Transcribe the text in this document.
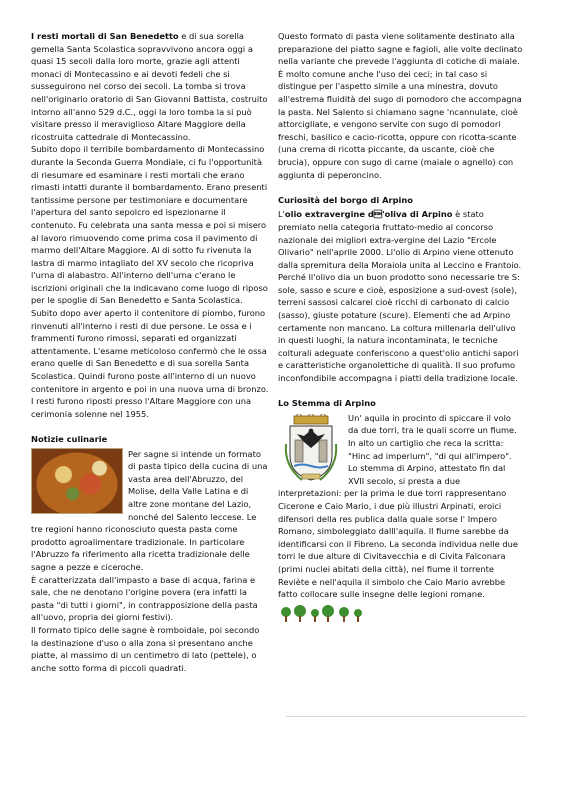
I resti mortali di San Benedetto e di sua sorella gemella Santa Scolastica sopravvivono ancora oggi a quasi 15 secoli dalla loro morte, grazie agli attenti monaci di Montecassino e ai devoti fedeli che si susseguirono nel corso dei secoli. La tomba si trova nell'originario oratorio di San Giovanni Battista, costruito intorno all'anno 529 d.C., oggi la loro tomba la si può visitare presso il meraviglioso Altare Maggiore della ricostruita cattedrale di Montecassino.

Subito dopo il terribile bombardamento di Montecassino durante la Seconda Guerra Mondiale, ci fu l'opportunità di riesumare ed esaminare i resti mortali che erano rimasti intatti durante il bombardamento. Erano presenti tantissime persone per testimoniare e documentare l'apertura del santo sepolcro ed ispezionarne il contenuto. Fu celebrata una santa messa e poi si misero al lavoro rimuovendo come prima cosa il pavimento di marmo dell'Altare Maggiore. Al di sotto fu rivenuta la lastra di marmo intagliato del XV secolo che ricopriva l'urna di alabastro. All'interno dell'urna c'erano le iscrizioni originali che la indicavano come luogo di riposo per le spoglie di San Benedetto e Santa Scolastica. Subito dopo aver aperto il contenitore di piombo, furono rinvenuti all'interno i resti di due persone. Le ossa e i frammenti furono rimossi, separati ed organizzati attentamente. L'esame meticoloso confermò che le ossa erano quelle di San Benedetto e di sua sorella Santa Scolastica. Quindi furono poste all'interno di un nuovo contenitore in argento e poi in una nuova urna di bronzo. I resti furono riposti presso l'Altare Maggiore con una cerimonia solenne nel 1955.

Notizie culinarie

Per sagne si intende un formato di pasta tipico della cucina di una vasta area dell'Abruzzo, del Molise, della Valle Latina e di altre zone montane del Lazio, nonché del Salento leccese. Le tre regioni hanno riconosciuto questa pasta come prodotto agroalimentare tradizionale. In particolare l'Abruzzo fa riferimento alla ricetta tradizionale delle sagne a pezze e ciceroche.

È caratterizzata dall'impasto a base di acqua, farina e sale, che ne denotano l'origine povera (era infatti la pasta "di tutti i giorni", in contrapposizione della pasta all'uovo, propria dei giorni festivi).

Il formato tipico delle sagne è romboidale, poi secondo la destinazione d'uso o alla zona si presentano anche piatte, al massimo di un centimetro di lato (pettele), o anche sotto forma di piccoli quadrati.

Questo formato di pasta viene solitamente destinato alla preparazione del piatto sagne e fagioli, alle volte declinato nella variante che prevede l'aggiunta di cotiche di maiale. È molto comune anche l'uso dei ceci; in tal caso si distingue per l'aspetto simile a una minestra, dovuto all'estrema fluidità del sugo di pomodoro che accompagna la pasta. Nel Salento si chiamano sagne 'ncannulate, cioè attorcigliate, e vengono servite con sugo di pomodori freschi, basilico e cacio-ricotta, oppure con ricotta-scante (una crema di ricotta piccante, da uscante, cioè che brucia), oppure con sugo di carne (maiale o agnello) con aggiunta di peperoncino.

Curiosità del borgo di Arpino

L'olio extravergine d'oliva di Arpino è stato premiato nella categoria fruttato-medio al concorso nazionale dei migliori extra-vergine del Lazio "Ercole Olivario" nell'aprile 2000. Ll'olio di Arpino viene ottenuto dalla spremitura della Moraiola unita al Leccino e Frantoio. Perché ll'olivo dia un buon prodotto sono necessarie tre S: sole, sasso e scure e cioè, esposizione a sud-ovest (sole), terreni sassosi calcarei cioè ricchi di carbonato di calcio (sasso), giuste potature (scure). Elementi che ad Arpino certamente non mancano. La coltura millenaria dell'ulivo in questi luoghi, la natura incontaminata, le tecniche colturali adeguate conferiscono a quest'olio antichi sapori e caratteristiche organolettiche di qualità. Il suo profumo inconfondibile accompagna i piatti della tradizione locale.

Lo Stemma di Arpino

Un' aquila in procinto di spiccare il volo da due torri, tra le quali scorre un fiume. In alto un cartiglio che reca la scritta: "Hinc ad imperium", "di qui all'impero". Lo stemma di Arpino, attestato fin dal XVII secolo, si presta a due interpretazioni: per la prima le due torri rappresentano Cicerone e Caio Mario, i due più illustri Arpinati, eroici difensori della res publica dalla quale sorse l' Impero Romano, simboleggiato dalll'aquila. Il fiume sarebbe da identificarsi con il Fibreno. La seconda individua nelle due torri le due alture di Civitavecchia e di Civita Falconara (primi nuclei abitati della città), nel fiume il torrente Reviète e nell'aquila il simbolo che Caio Mario avrebbe fatto collocare sulle insegne delle legioni romane.
